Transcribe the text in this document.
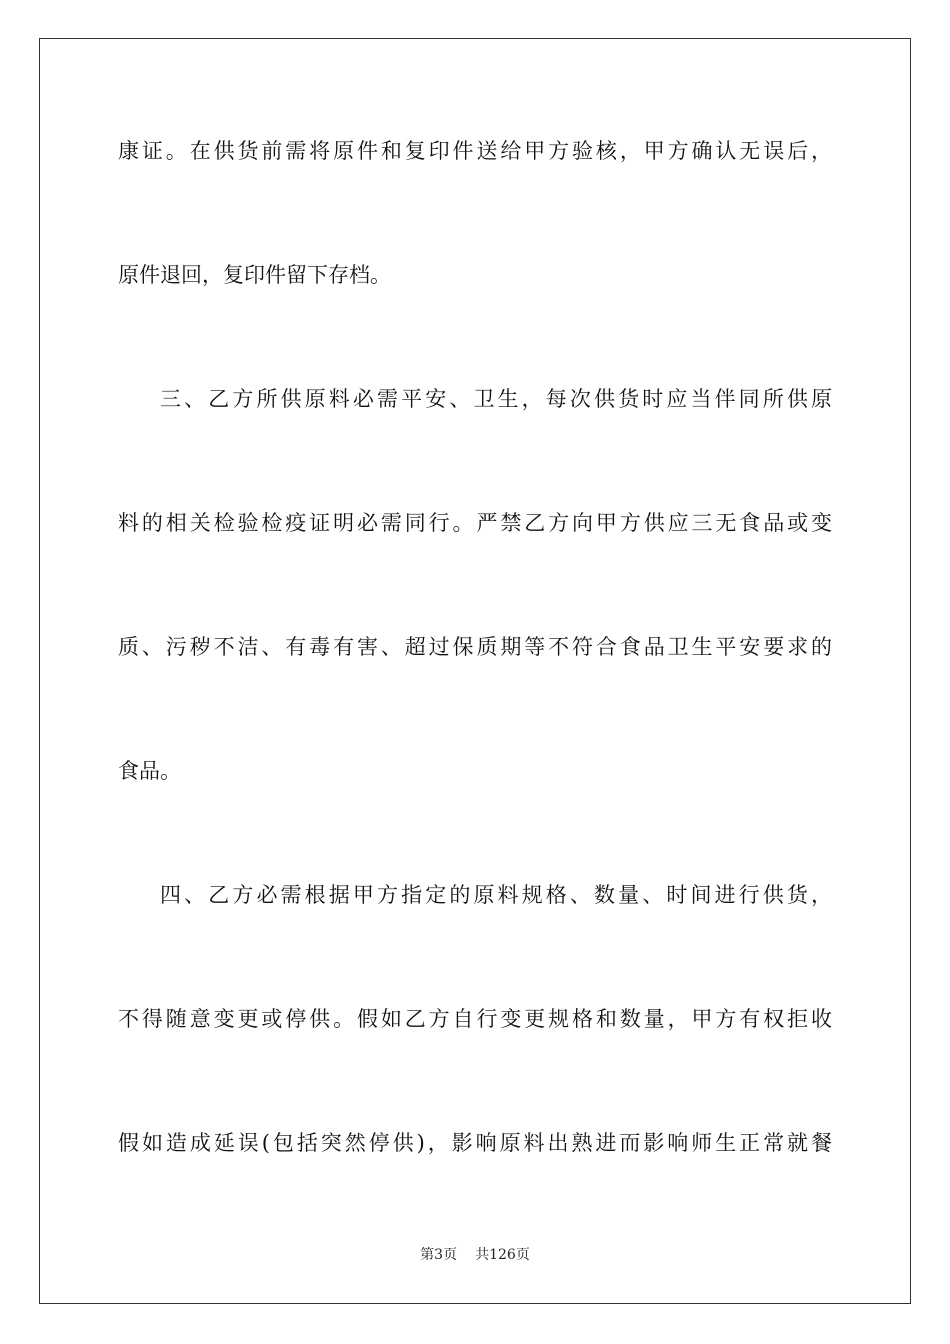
康证。在供货前需将原件和复印件送给甲方验核，甲方确认无误后，
原件退回，复印件留下存档。
三、乙方所供原料必需平安、卫生，每次供货时应当伴同所供原
料的相关检验检疫证明必需同行。严禁乙方向甲方供应三无食品或变
质、污秽不洁、有毒有害、超过保质期等不符合食品卫生平安要求的
食品。
四、乙方必需根据甲方指定的原料规格、数量、时间进行供货，
不得随意变更或停供。假如乙方自行变更规格和数量，甲方有权拒收
假如造成延误(包括突然停供)，影响原料出熟进而影响师生正常就餐
第3页 共126页
